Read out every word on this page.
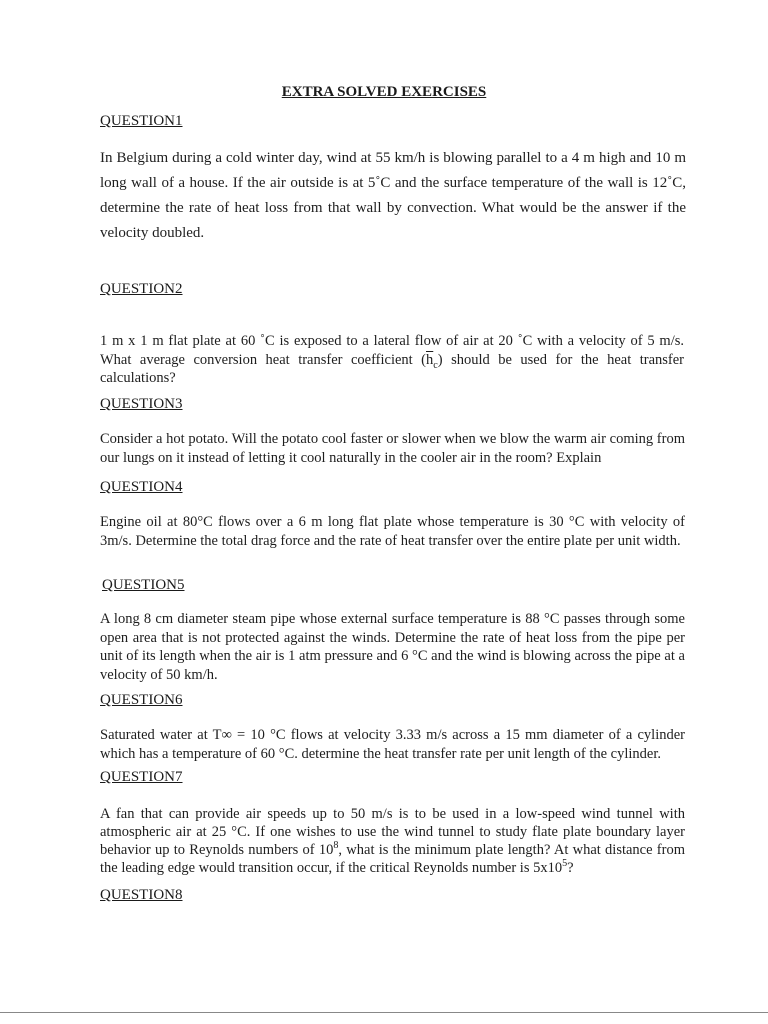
EXTRA SOLVED EXERCISES
QUESTION1

In Belgium during a cold winter day, wind at 55 km/h is blowing parallel to a 4 m high and 10 m long wall of a house. If the air outside is at 5˚C and the surface temperature of the wall is 12˚C, determine the rate of heat loss from that wall by convection. What would be the answer if the velocity doubled.

QUESTION2

1 m x 1 m flat plate at 60 ˚C is exposed to a lateral flow of air at 20 ˚C with a velocity of 5 m/s. What average conversion heat transfer coefficient $(\overline{h}_c)$ should be used for the heat transfer calculations?

QUESTION3

Consider a hot potato. Will the potato cool faster or slower when we blow the warm air coming from our lungs on it instead of letting it cool naturally in the cooler air in the room? Explain

QUESTION4

Engine oil at 80°C flows over a 6 m long flat plate whose temperature is 30 °C with velocity of 3m/s. Determine the total drag force and the rate of heat transfer over the entire plate per unit width.

QUESTION5

A long 8 cm diameter steam pipe whose external surface temperature is 88 °C passes through some open area that is not protected against the winds. Determine the rate of heat loss from the pipe per unit of its length when the air is 1 atm pressure and 6 °C and the wind is blowing across the pipe at a velocity of 50 km/h.

QUESTION6

Saturated water at T∞ = 10 °C flows at velocity 3.33 m/s across a 15 mm diameter of a cylinder which has a temperature of 60 °C. determine the heat transfer rate per unit length of the cylinder.

QUESTION7

A fan that can provide air speeds up to 50 m/s is to be used in a low-speed wind tunnel with atmospheric air at 25 °C. If one wishes to use the wind tunnel to study flate plate boundary layer behavior up to Reynolds numbers of $10^8$, what is the minimum plate length? At what distance from the leading edge would transition occur, if the critical Reynolds number is $5x10^5$?

QUESTION8
